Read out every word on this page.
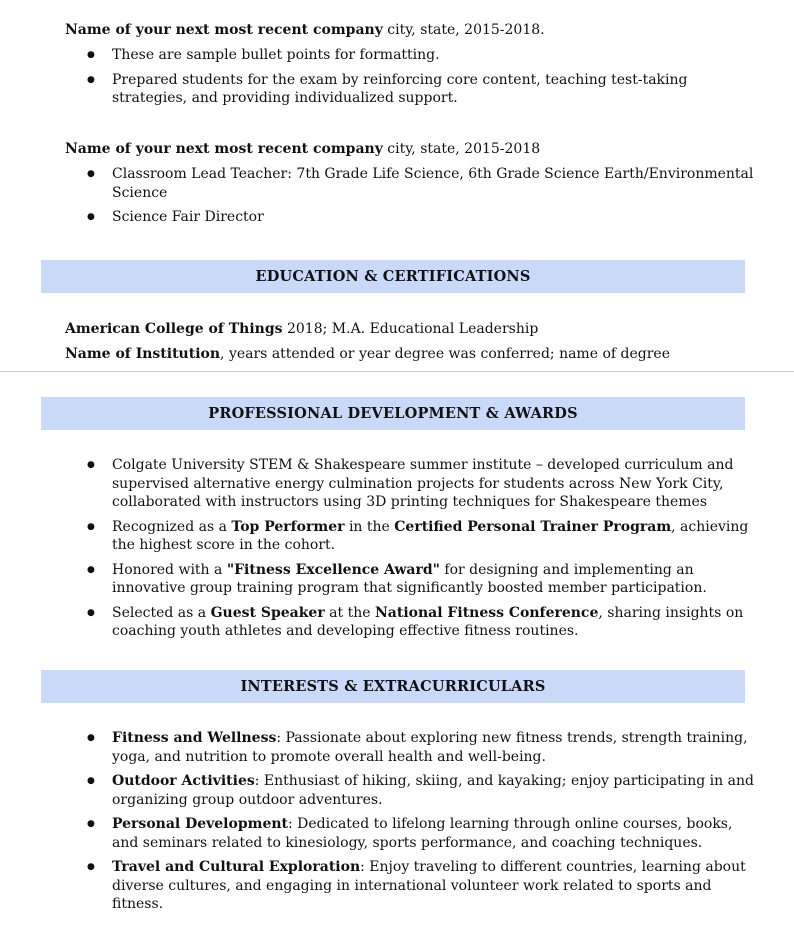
Name of your next most recent company city, state, 2015-2018.

● These are sample bullet points for formatting.
● Prepared students for the exam by reinforcing core content, teaching test-taking strategies, and providing individualized support.

Name of your next most recent company city, state, 2015-2018

● Classroom Lead Teacher: 7th Grade Life Science, 6th Grade Science Earth/Environmental Science
● Science Fair Director
EDUCATION & CERTIFICATIONS
American College of Things 2018; M.A. Educational Leadership
Name of Institution, years attended or year degree was conferred; name of degree
PROFESSIONAL DEVELOPMENT & AWARDS
● Colgate University STEM & Shakespeare summer institute – developed curriculum and supervised alternative energy culmination projects for students across New York City, collaborated with instructors using 3D printing techniques for Shakespeare themes
● Recognized as a Top Performer in the Certified Personal Trainer Program, achieving the highest score in the cohort.
● Honored with a "Fitness Excellence Award" for designing and implementing an innovative group training program that significantly boosted member participation.
● Selected as a Guest Speaker at the National Fitness Conference, sharing insights on coaching youth athletes and developing effective fitness routines.
INTERESTS & EXTRACURRICULARS
● Fitness and Wellness: Passionate about exploring new fitness trends, strength training, yoga, and nutrition to promote overall health and well-being.
● Outdoor Activities: Enthusiast of hiking, skiing, and kayaking; enjoy participating in and organizing group outdoor adventures.
● Personal Development: Dedicated to lifelong learning through online courses, books, and seminars related to kinesiology, sports performance, and coaching techniques.
● Travel and Cultural Exploration: Enjoy traveling to different countries, learning about diverse cultures, and engaging in international volunteer work related to sports and fitness.
